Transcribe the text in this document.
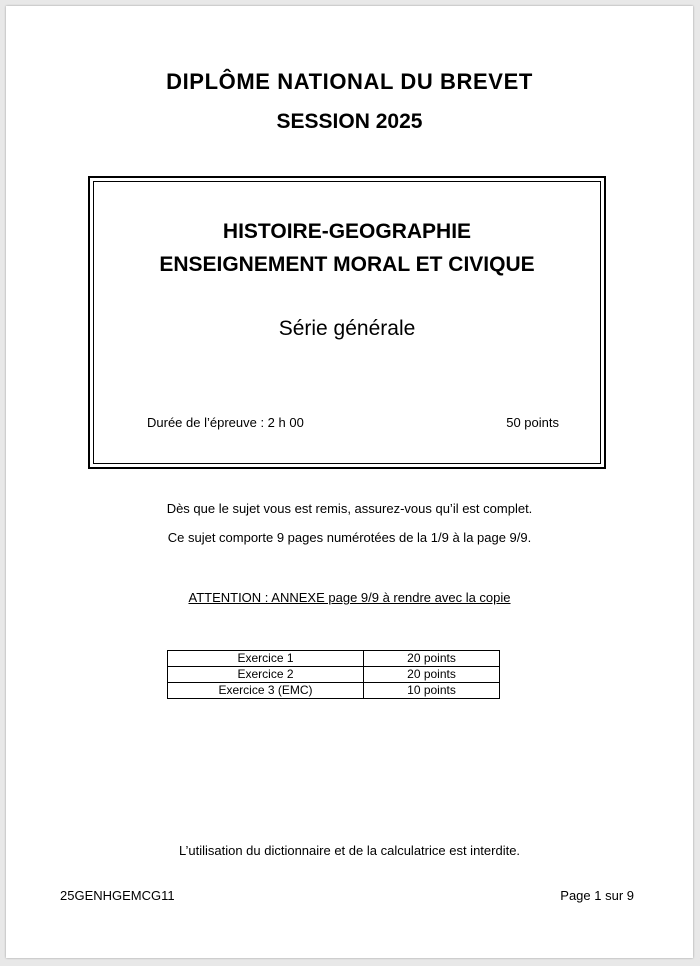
DIPLÔME NATIONAL DU BREVET
SESSION 2025
HISTOIRE-GEOGRAPHIE
ENSEIGNEMENT MORAL ET CIVIQUE
Série générale
Durée de l’épreuve : 2 h 00	50 points
Dès que le sujet vous est remis, assurez-vous qu’il est complet.
Ce sujet comporte 9 pages numérotées de la 1/9 à la page 9/9.
ATTENTION : ANNEXE page 9/9 à rendre avec la copie
Exercice 1	20 points
Exercice 2	20 points
Exercice 3 (EMC)	10 points
L’utilisation du dictionnaire et de la calculatrice est interdite.
25GENHGEMCG11	Page 1 sur 9
